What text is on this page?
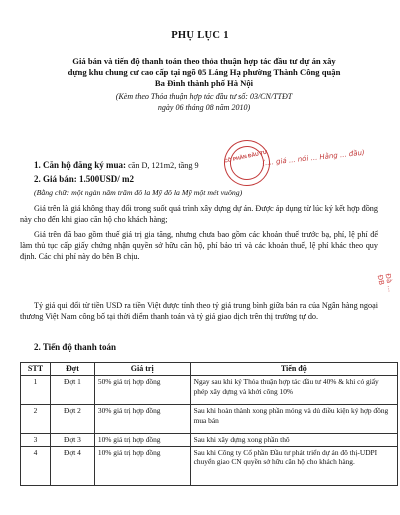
PHỤ LỤC 1
Giá bán và tiến độ thanh toán theo thỏa thuận hợp tác đầu tư dự án xây
dựng khu chung cư cao cấp tại ngõ 05 Láng Hạ phường Thành Công quận
Ba Đình thành phố Hà Nội
(Kèm theo Thỏa thuận hợp tác đầu tư số: 03/CN/TTĐT
ngày 06 tháng 08 năm 2010)
CÔ PHẦN ĐẦU TƯ
(.... giá ... nói ... Hằng ... đầu)
Đà ... ĐB
1. Căn hộ đăng ký mua: căn D, 121m2, tầng 9
2. Giá bán: 1.500USD/ m2
(Bằng chữ: một ngàn năm trăm đô la Mỹ đô la Mỹ một mét vuông)
Giá trên là giá không thay đổi trong suốt quá trình xây dựng dự án. Được áp dụng từ lúc ký kết hợp đồng này cho đến khi giao căn hộ cho khách hàng;
Giá trên đã bao gồm thuế giá trị gia tăng, nhưng chưa bao gồm các khoản thuế trước bạ, phí, lệ phí để làm thủ tục cấp giấy chứng nhận quyền sở hữu căn hộ, phí bảo trì và các khoản thuế, lệ phí khác theo quy định. Các chi phí này do bên B chịu.
Tỷ giá qui đổi từ tiền USD ra tiền Việt được tính theo tỷ giá trung bình giữa bán ra của Ngân hàng ngoại thương Việt Nam công bố tại thời điểm thanh toán và tỷ giá giao dịch trên thị trường tự do.
2. Tiến độ thanh toán
STT	Đợt	Giá trị	Tiến độ
1	Đợt 1	50% giá trị hợp đồng	Ngay sau khi ký Thỏa thuận hợp tác đầu tư 40% & khi có giấy phép xây dựng và khởi công 10%
2	Đợt 2	30% giá trị hợp đồng	Sau khi hoàn thành xong phần móng và dủ điều kiện ký hợp đồng mua bán
3	Đợt 3	10% giá trị hợp đồng	Sau khi xây dựng xong phần thô
4	Đợt 4	10% giá trị hợp đồng	Sau khi Công ty Cổ phần Đầu tư phát triển dự án đô thị-UDPI chuyển giao CN quyền sở hữu căn hộ cho khách hàng.
